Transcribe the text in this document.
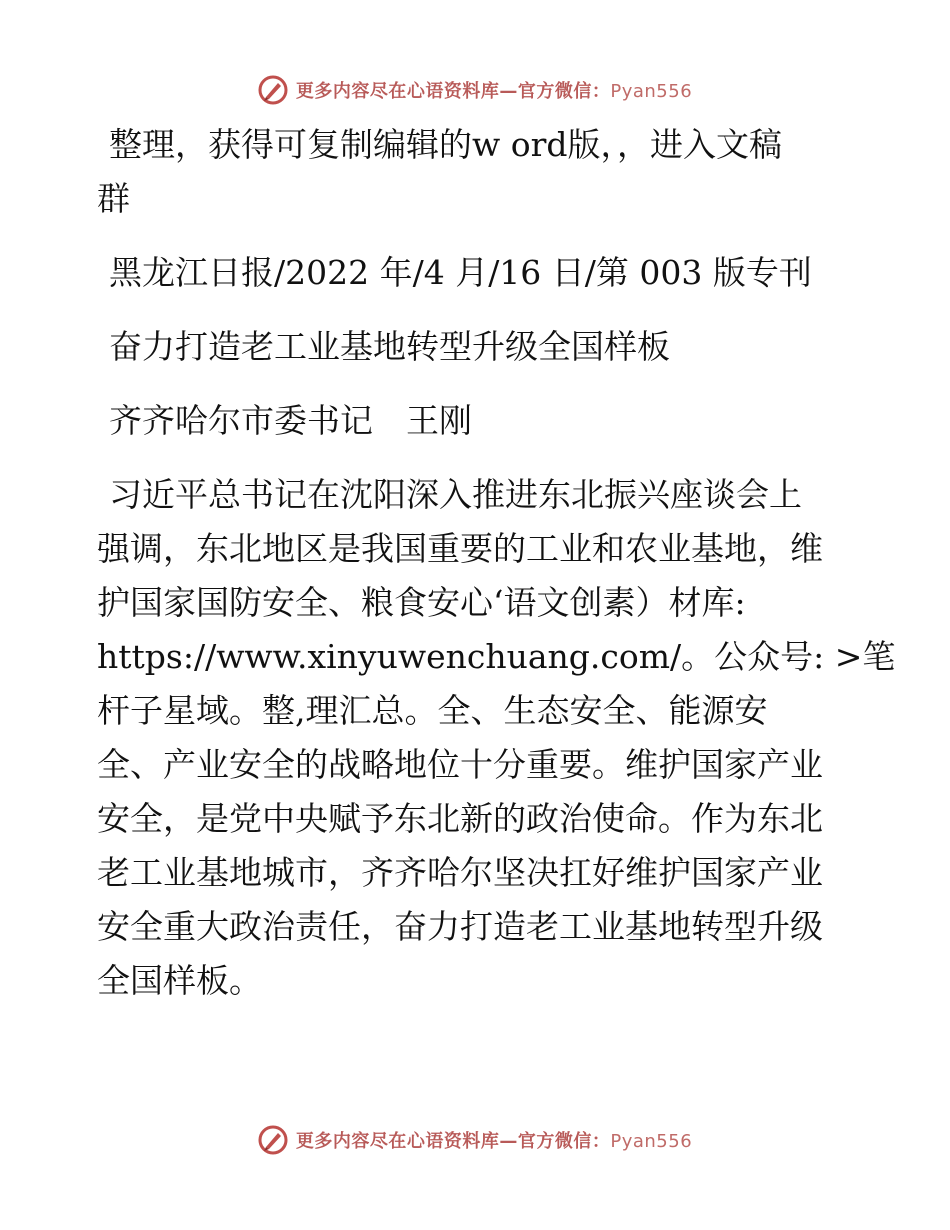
更多内容尽在心语资料库—官方微信：Pyan556

整理，获得可复制编辑的w ord版，，进入文稿
群

黑龙江日报/2022 年/4 月/16 日/第 003 版专刊

奋力打造老工业基地转型升级全国样板

齐齐哈尔市委书记　王刚

习近平总书记在沈阳深入推进东北振兴座谈会上
强调，东北地区是我国重要的工业和农业基地，维
护国家国防安全、粮食安心‘语文创素）材库:
https://www.xinyuwenchuang.com/。公众号: >笔
杆子星域。整,理汇总。全、生态安全、能源安
全、产业安全的战略地位十分重要。维护国家产业
安全，是党中央赋予东北新的政治使命。作为东北
老工业基地城市，齐齐哈尔坚决扛好维护国家产业
安全重大政治责任，奋力打造老工业基地转型升级
全国样板。

更多内容尽在心语资料库—官方微信：Pyan556
